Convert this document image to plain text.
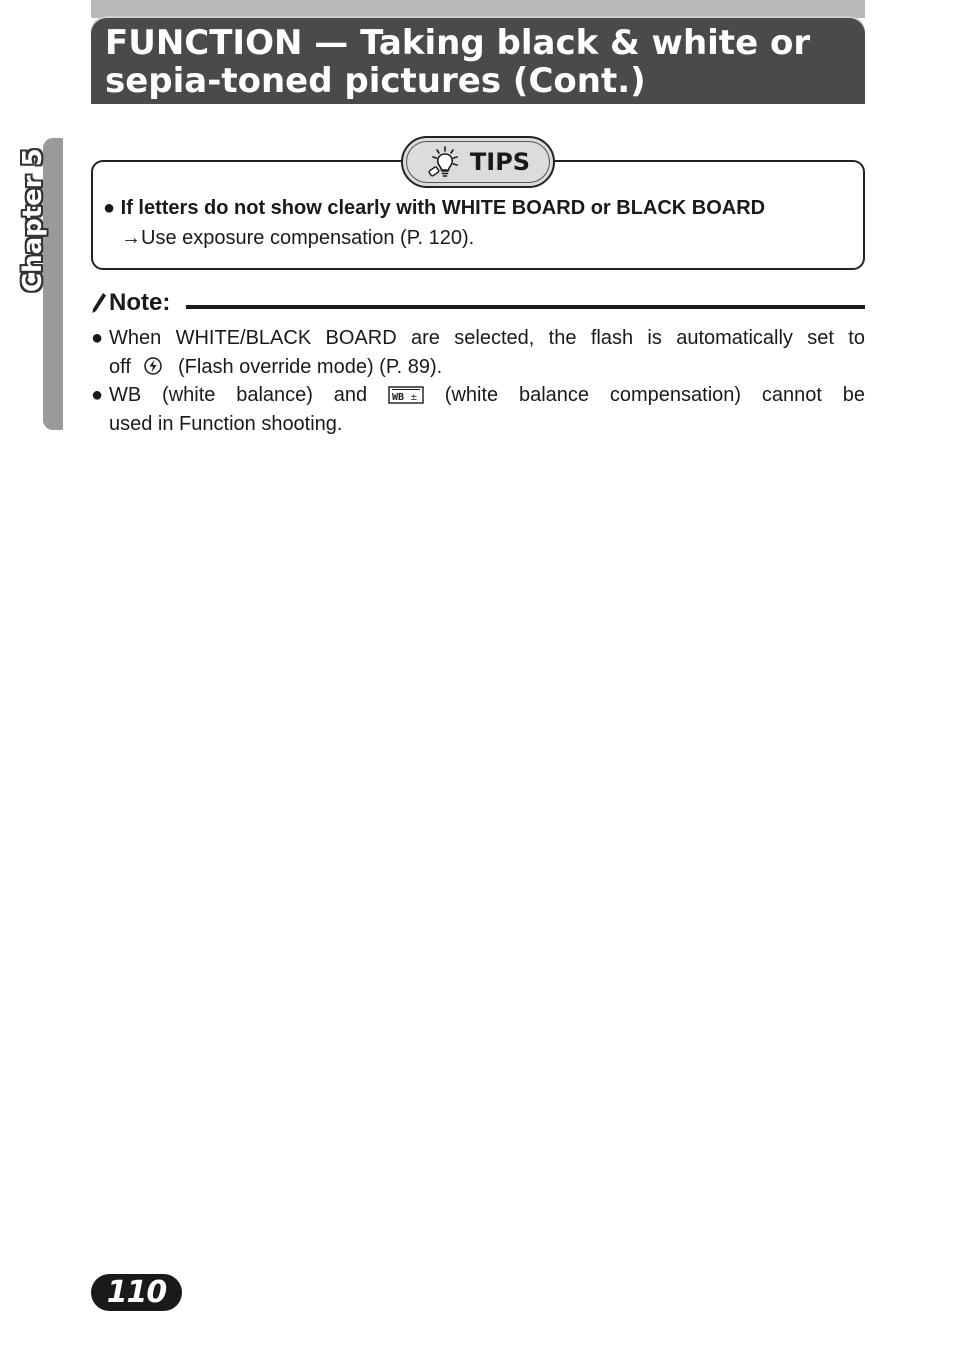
FUNCTION — Taking black & white or
sepia-toned pictures (Cont.)
Chapter 5	TIPS
● If letters do not show clearly with WHITE BOARD or BLACK BOARD
→Use exposure compensation (P. 120).
Note:
● When WHITE/BLACK BOARD are selected, the flash is automatically set to
off (Flash override mode) (P. 89).
● WB (white balance) and WB ± (white balance compensation) cannot be
used in Function shooting.
110
